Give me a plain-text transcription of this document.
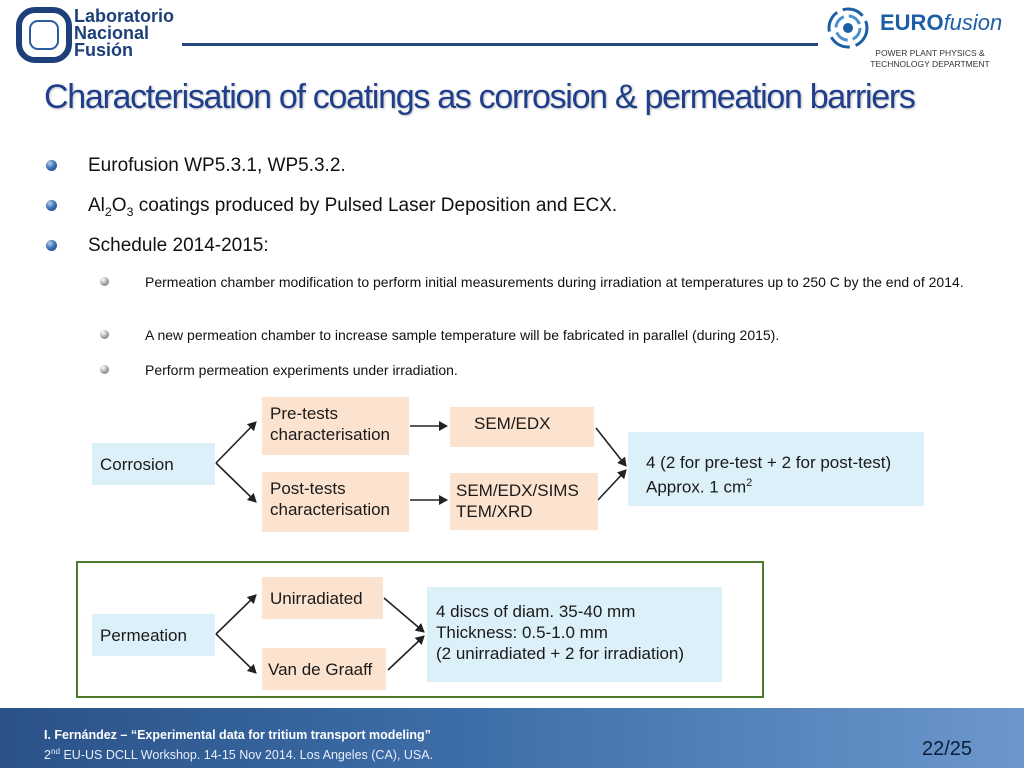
Laboratorio
Nacional
Fusión
EUROfusion
POWER PLANT PHYSICS &
TECHNOLOGY DEPARTMENT
Characterisation of coatings as corrosion & permeation barriers
Eurofusion WP5.3.1, WP5.3.2.
$Al_2O_3$ coatings produced by Pulsed Laser Deposition and ECX.
Schedule 2014-2015:
Permeation chamber modification to perform initial measurements during irradiation at temperatures up to 250 C by the end of 2014.
A new permeation chamber to increase sample temperature will be fabricated in parallel (during 2015).
Perform permeation experiments under irradiation.
Corrosion
Pre-tests
characterisation
Post-tests
characterisation
SEM/EDX
SEM/EDX/SIMS
TEM/XRD
4 (2 for pre-test + 2 for post-test)
Approx. 1 $cm^2$
Permeation
Unirradiated
Van de Graaff
4 discs of diam. 35-40 mm
Thickness: 0.5-1.0 mm
(2 unirradiated + 2 for irradiation)
I. Fernández – “Experimental data for tritium transport modeling”
2nd EU-US DCLL Workshop. 14-15 Nov 2014. Los Angeles (CA), USA.	22/25
